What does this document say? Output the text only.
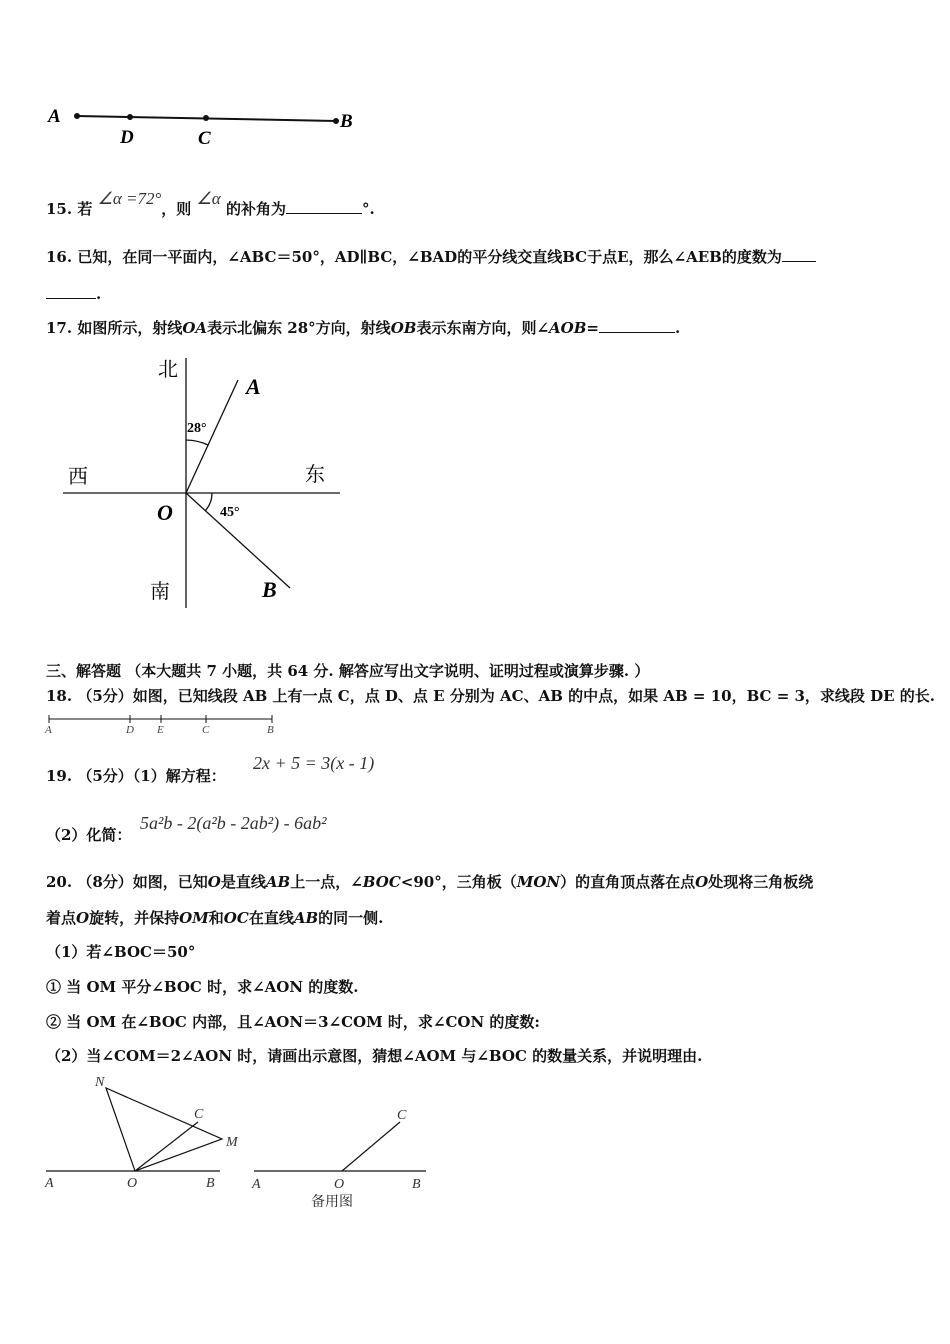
A
D	C
B
15. 若 ∠α =72°，则 ∠α 的补角为	°.
16. 已知，在同一平面内，∠ABC＝50°，AD∥BC，∠BAD的平分线交直线BC于点E，那么∠AEB的度数为
.
17. 如图所示，射线OA表示北偏东 28°方向，射线OB表示东南方向，则∠AOB=	.
北
西	东
南
A
B
O
28°
45°
三、解答题 （本大题共 7 小题，共 64 分. 解答应写出文字说明、证明过程或演算步骤. ）
18. （5分）如图，已知线段 AB 上有一点 C，点 D、点 E 分别为 AC、AB 的中点，如果 AB = 10，BC = 3，求线段 DE 的长.
A	D E	C	B
19. （5分）（1）解方程：
2x + 5 = 3(x - 1)
（2）化简：
5a²b - 2(a²b - 2ab²) - 6ab²
20. （8分）如图，已知O是直线AB上一点，∠BOC<90°，三角板（MON）的直角顶点落在点O处现将三角板绕
着点O旋转，并保持OM和OC在直线AB的同一侧.
（1）若∠BOC＝50°
① 当 OM 平分∠BOC 时，求∠AON 的度数.
② 当 OM 在∠BOC 内部，且∠AON＝3∠COM 时，求∠CON 的度数:
（2）当∠COM＝2∠AON 时，请画出示意图，猜想∠AOM 与∠BOC 的数量关系，并说明理由.
N
C
M
A	O	B
C
A	O	B
备用图
